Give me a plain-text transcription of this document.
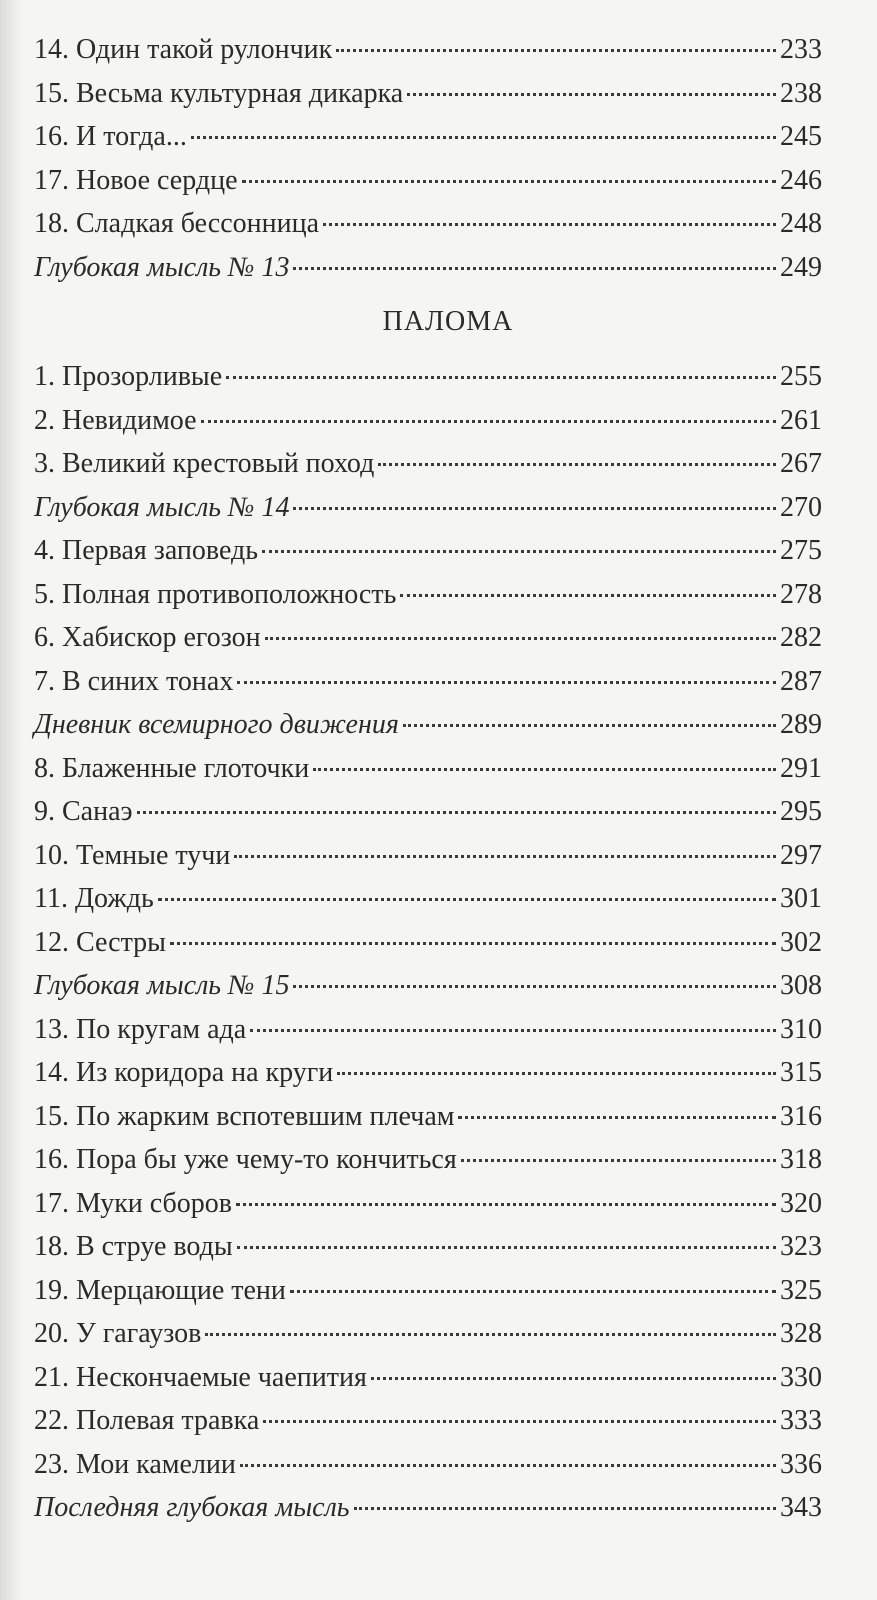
14. Один такой рулончик	233
15. Весьма культурная дикарка	238
16. И тогда...	245
17. Новое сердце	246
18. Сладкая бессонница	248
Глубокая мысль № 13	249
ПАЛОМА
1. Прозорливые	255
2. Невидимое	261
3. Великий крестовый поход	267
Глубокая мысль № 14	270
4. Первая заповедь	275
5. Полная противоположность	278
6. Хабискор егозон	282
7. В синих тонах	287
Дневник всемирного движения	289
8. Блаженные глоточки	291
9. Санаэ	295
10. Темные тучи	297
11. Дождь	301
12. Сестры	302
Глубокая мысль № 15	308
13. По кругам ада	310
14. Из коридора на круги	315
15. По жарким вспотевшим плечам	316
16. Пора бы уже чему-то кончиться	318
17. Муки сборов	320
18. В струе воды	323
19. Мерцающие тени	325
20. У гагаузов	328
21. Нескончаемые чаепития	330
22. Полевая травка	333
23. Мои камелии	336
Последняя глубокая мысль	343
